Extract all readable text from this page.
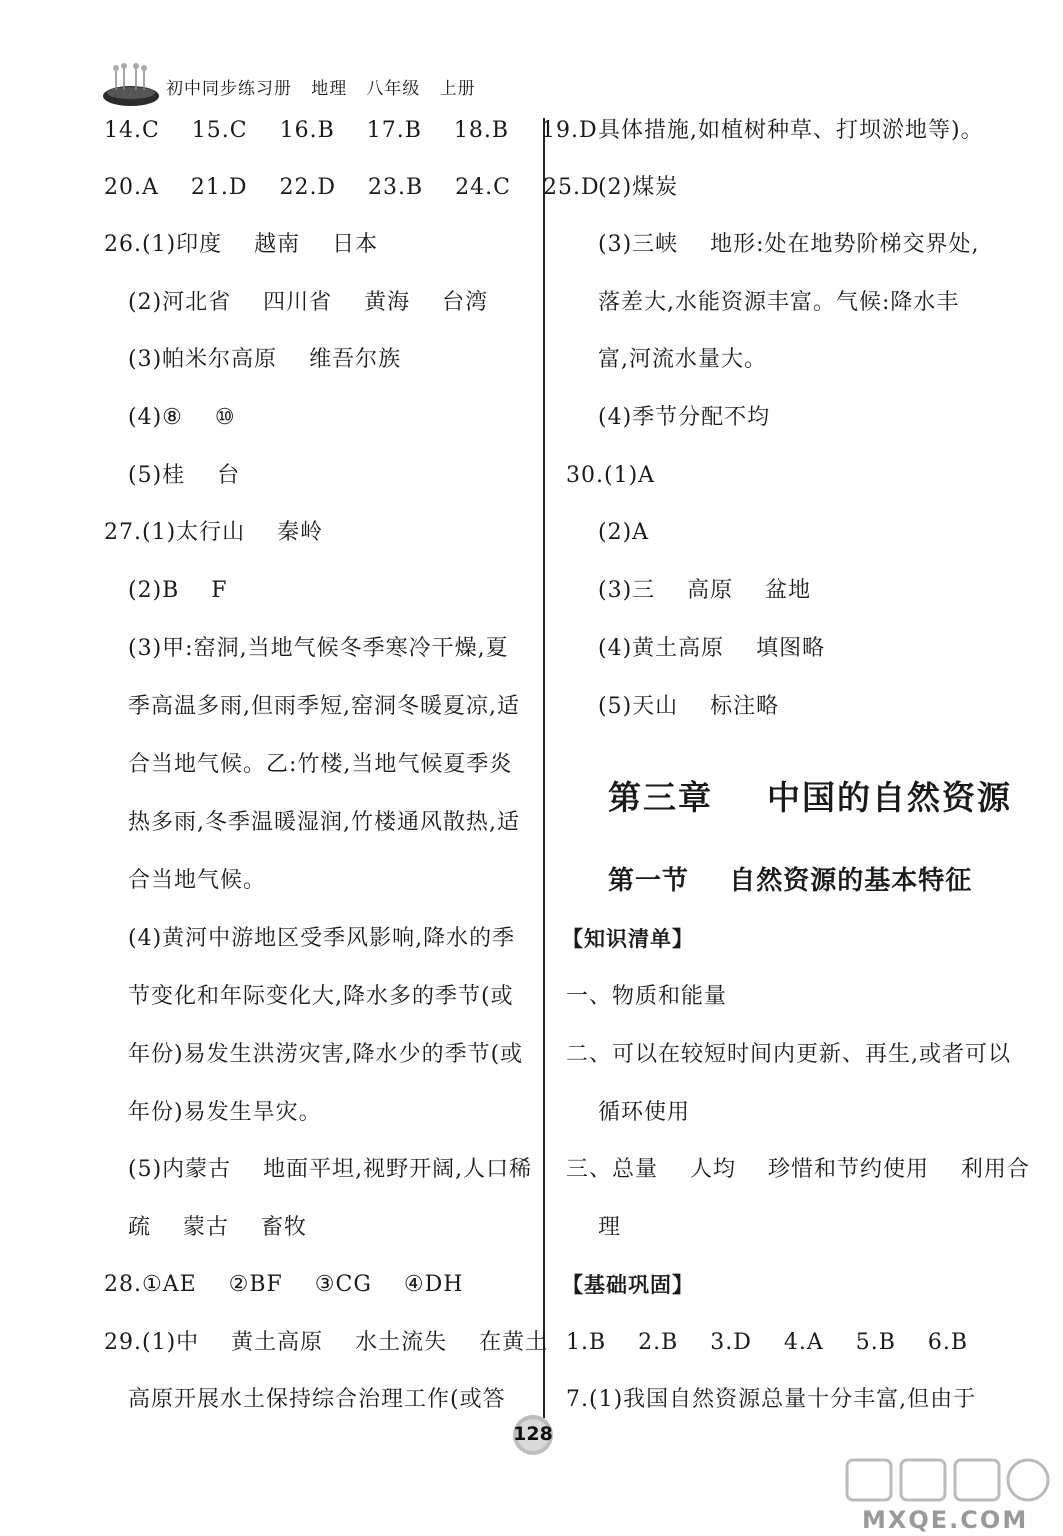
初中同步练习册   地理   八年级   上册
14.C    15.C    16.B    17.B    18.B    19.D
20.A    21.D    22.D    23.B    24.C    25.D
26.(1)印度    越南    日本
(2)河北省    四川省    黄海    台湾
(3)帕米尔高原    维吾尔族
(4)⑧    ⑩
(5)桂    台
27.(1)太行山    秦岭
(2)B    F
(3)甲:窑洞,当地气候冬季寒冷干燥,夏
季高温多雨,但雨季短,窑洞冬暖夏凉,适
合当地气候。乙:竹楼,当地气候夏季炎
热多雨,冬季温暖湿润,竹楼通风散热,适
合当地气候。
(4)黄河中游地区受季风影响,降水的季
节变化和年际变化大,降水多的季节(或
年份)易发生洪涝灾害,降水少的季节(或
年份)易发生旱灾。
(5)内蒙古    地面平坦,视野开阔,人口稀
疏    蒙古    畜牧
28.①AE    ②BF    ③CG    ④DH
29.(1)中    黄土高原    水土流失    在黄土
高原开展水土保持综合治理工作(或答
具体措施,如植树种草、打坝淤地等)。
(2)煤炭
(3)三峡    地形:处在地势阶梯交界处,
落差大,水能资源丰富。气候:降水丰
富,河流水量大。
(4)季节分配不均
30.(1)A
(2)A
(3)三    高原    盆地
(4)黄土高原    填图略
(5)天山    标注略
第三章    中国的自然资源
第一节    自然资源的基本特征
【知识清单】
一、物质和能量
二、可以在较短时间内更新、再生,或者可以
循环使用
三、总量    人均    珍惜和节约使用    利用合
理
【基础巩固】
1.B    2.B    3.D    4.A    5.B    6.B
7.(1)我国自然资源总量十分丰富,但由于
128
MXQE.COM
